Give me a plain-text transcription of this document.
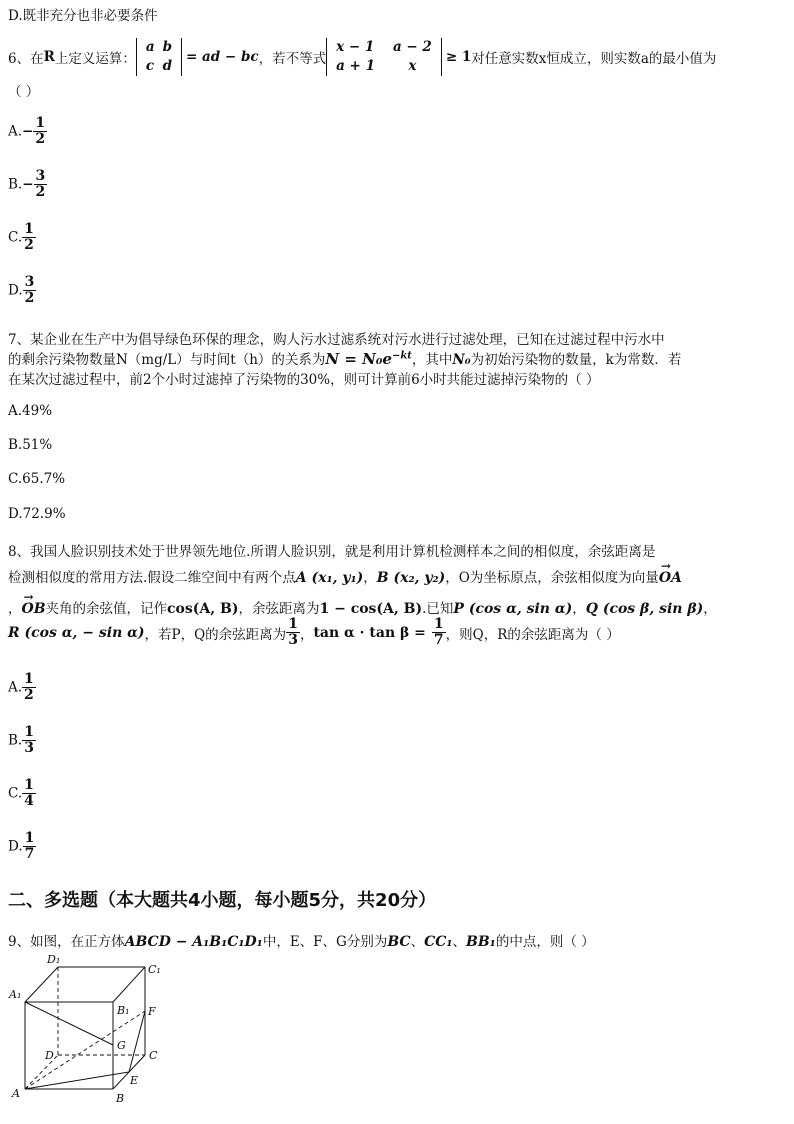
D.既非充分也非必要条件
6、在 R 上定义运算：
a	b
c	d
= ad − bc ，若不等式
x − 1	a − 2
a + 1	x
≥ 1 对任意实数x恒成立，则实数a的最小值为
（ ）
$A.- \frac{1}{2}$
$B.- \frac{3}{2}$
C. $\frac{1}{2}$
D. $\frac{3}{2}$
7、某企业在生产中为倡导绿色环保的理念，购人污水过滤系统对污水进行过滤处理，已知在过滤过程中污水中
的剩余污染物数量N（mg/L）与时间t（h）的关系为$N = N_0e^{-kt}$，其中N₀为初始污染物的数量，k为常数．若
在某次过滤过程中，前2个小时过滤掉了污染物的30%，则可计算前6小时共能过滤掉污染物的（ ）
A.49%
B.51%
C.65.7%
D.72.9%
8、我国人脸识别技术处于世界领先地位.所谓人脸识别，就是利用计算机检测样本之间的相似度，余弦距离是
检测相似度的常用方法.假设二维空间中有两个点A (x₁, y₁)，B (x₂, y₂)，O为坐标原点，余弦相似度为向量→ OA
，→ OB夹角的余弦值，记作cos(A, B)，余弦距离为1 − cos(A, B).已知P (cos α, sin α)，Q (cos β, sin β)，
R (cos α, − sin α) ，若P，Q的余弦距离为 $\frac{1}{3}$ ， $\tan \alpha \cdot \tan \beta = \frac{1}{7}$ ，则Q，R的余弦距离为（ ）
A. $\frac{1}{2}$
B. $\frac{1}{3}$
C. $\frac{1}{4}$
D. $\frac{1}{7}$
二、多选题（本大题共4小题，每小题5分，共20分）
9、如图，在正方体ABCD − A₁B₁C₁D₁中，E、F、G分别为BC、CC₁、BB₁的中点，则（ ）
D₁
C₁
A₁
B₁ F
G
D	C
E
A	B
